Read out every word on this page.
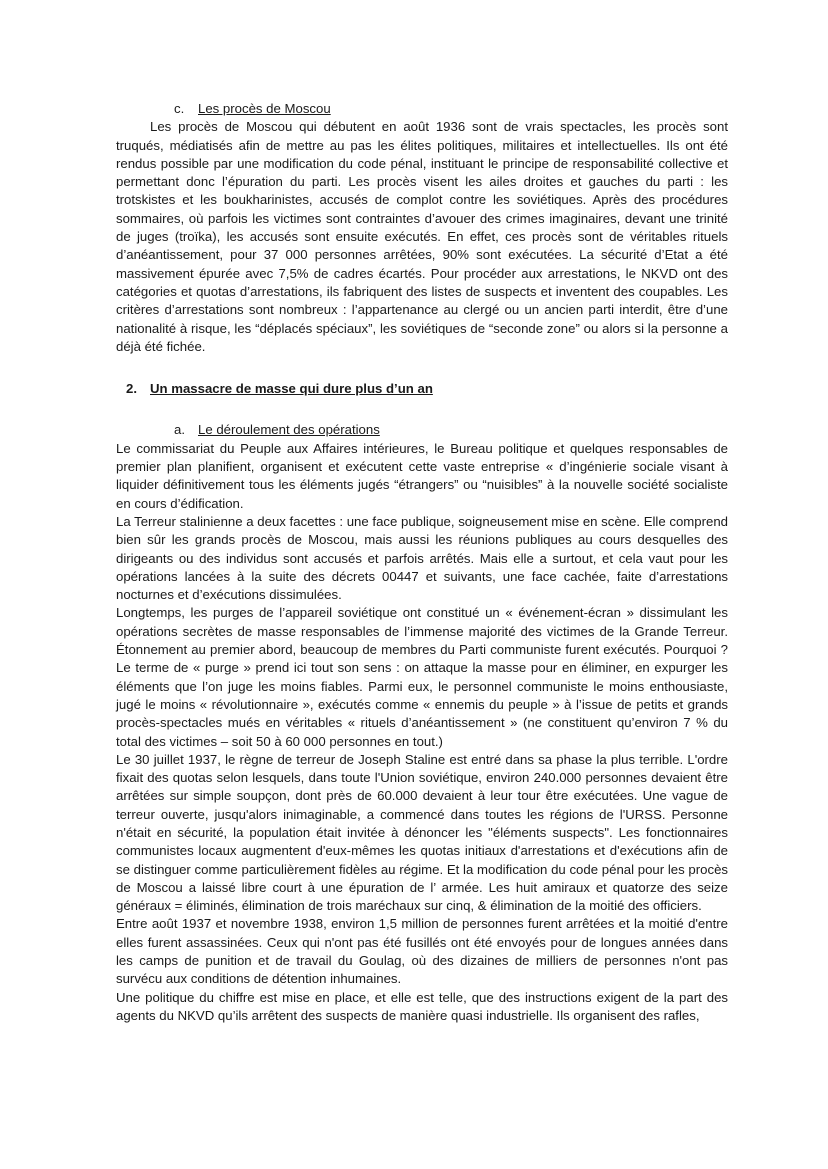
c. Les procès de Moscou

Les procès de Moscou qui débutent en août 1936 sont de vrais spectacles, les procès sont truqués, médiatisés afin de mettre au pas les élites politiques, militaires et intellectuelles. Ils ont été rendus possible par une modification du code pénal, instituant le principe de responsabilité collective et permettant donc l’épuration du parti. Les procès visent les ailes droites et gauches du parti : les trotskistes et les boukharinistes, accusés de complot contre les soviétiques. Après des procédures sommaires, où parfois les victimes sont contraintes d’avouer des crimes imaginaires, devant une trinité de juges (troïka), les accusés sont ensuite exécutés. En effet, ces procès sont de véritables rituels d’anéantissement, pour 37 000 personnes arrêtées, 90% sont exécutées. La sécurité d’Etat a été massivement épurée avec 7,5% de cadres écartés. Pour procéder aux arrestations, le NKVD ont des catégories et quotas d’arrestations, ils fabriquent des listes de suspects et inventent des coupables. Les critères d’arrestations sont nombreux : l’appartenance au clergé ou un ancien parti interdit, être d’une nationalité à risque, les “déplacés spéciaux”, les soviétiques de “seconde zone” ou alors si la personne a déjà été fichée.

2. Un massacre de masse qui dure plus d’un an
a. Le déroulement des opérations

Le commissariat du Peuple aux Affaires intérieures, le Bureau politique et quelques responsables de premier plan planifient, organisent et exécutent cette vaste entreprise « d’ingénierie sociale visant à liquider définitivement tous les éléments jugés “étrangers” ou “nuisibles” à la nouvelle société socialiste en cours d’édification.

La Terreur stalinienne a deux facettes : une face publique, soigneusement mise en scène. Elle comprend bien sûr les grands procès de Moscou, mais aussi les réunions publiques au cours desquelles des dirigeants ou des individus sont accusés et parfois arrêtés. Mais elle a surtout, et cela vaut pour les opérations lancées à la suite des décrets 00447 et suivants, une face cachée, faite d’arrestations nocturnes et d’exécutions dissimulées.

Longtemps, les purges de l’appareil soviétique ont constitué un « événement-écran » dissimulant les opérations secrètes de masse responsables de l’immense majorité des victimes de la Grande Terreur. Étonnement au premier abord, beaucoup de membres du Parti communiste furent exécutés. Pourquoi ? Le terme de « purge » prend ici tout son sens : on attaque la masse pour en éliminer, en expurger les éléments que l’on juge les moins fiables. Parmi eux, le personnel communiste le moins enthousiaste, jugé le moins « révolutionnaire », exécutés comme « ennemis du peuple » à l’issue de petits et grands procès-spectacles mués en véritables « rituels d’anéantissement » (ne constituent qu’environ 7 % du total des victimes – soit 50 à 60 000 personnes en tout.)

Le 30 juillet 1937, le règne de terreur de Joseph Staline est entré dans sa phase la plus terrible. L'ordre fixait des quotas selon lesquels, dans toute l'Union soviétique, environ 240.000 personnes devaient être arrêtées sur simple soupçon, dont près de 60.000 devaient à leur tour être exécutées. Une vague de terreur ouverte, jusqu'alors inimaginable, a commencé dans toutes les régions de l'URSS. Personne n'était en sécurité, la population était invitée à dénoncer les "éléments suspects". Les fonctionnaires communistes locaux augmentent d'eux-mêmes les quotas initiaux d'arrestations et d'exécutions afin de se distinguer comme particulièrement fidèles au régime. Et la modification du code pénal pour les procès de Moscou a laissé libre court à une épuration de l’ armée. Les huit amiraux et quatorze des seize généraux = éliminés, élimination de trois maréchaux sur cinq, & élimination de la moitié des officiers.

Entre août 1937 et novembre 1938, environ 1,5 million de personnes furent arrêtées et la moitié d'entre elles furent assassinées. Ceux qui n'ont pas été fusillés ont été envoyés pour de longues années dans les camps de punition et de travail du Goulag, où des dizaines de milliers de personnes n'ont pas survécu aux conditions de détention inhumaines.

Une politique du chiffre est mise en place, et elle est telle, que des instructions exigent de la part des agents du NKVD qu’ils arrêtent des suspects de manière quasi industrielle. Ils organisent des rafles,
